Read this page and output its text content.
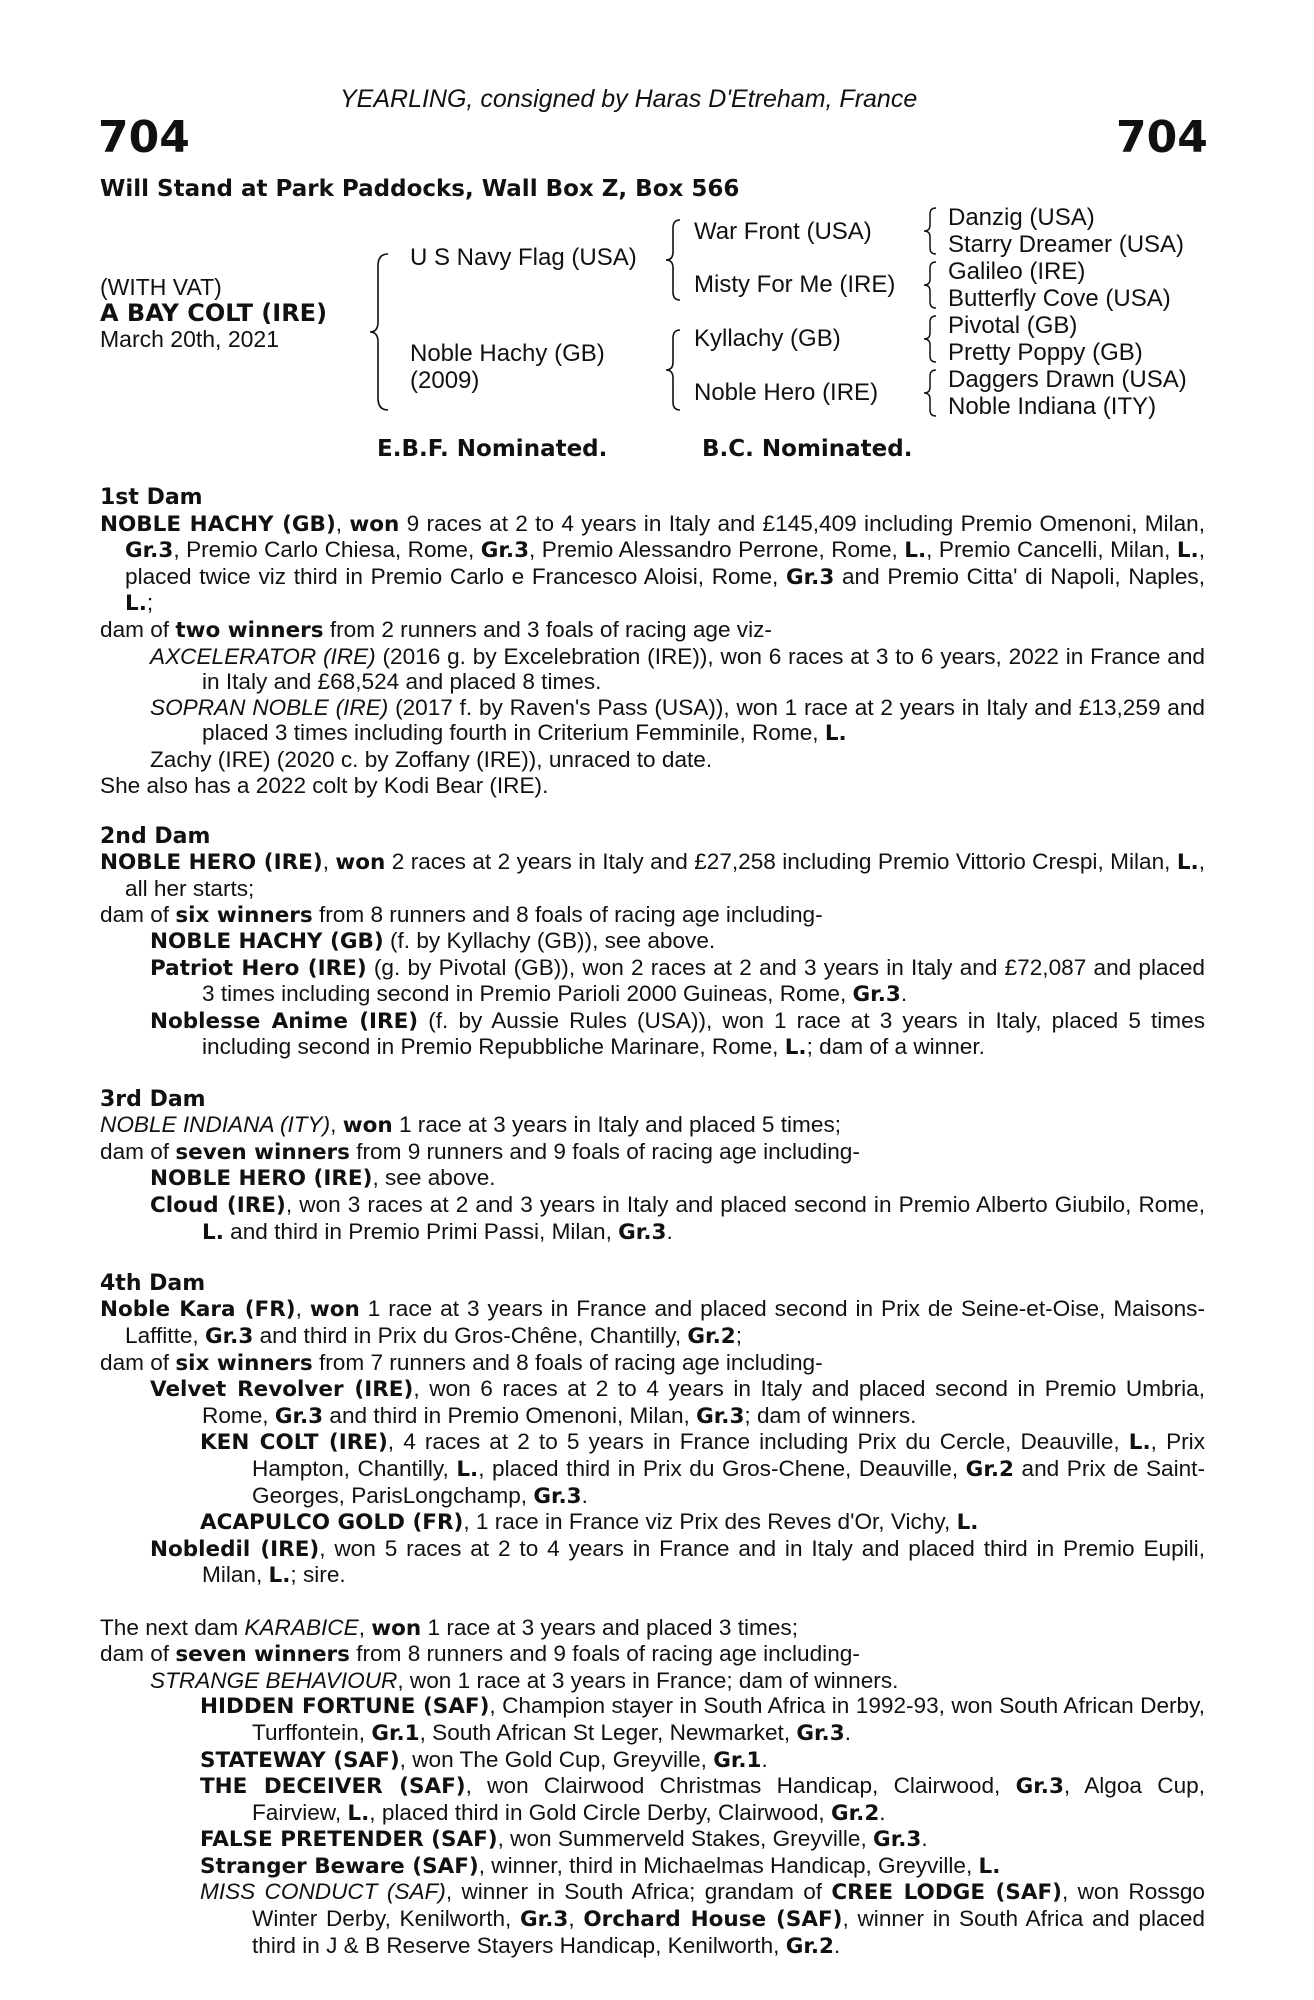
YEARLING, consigned by Haras D'Etreham, France
704	704
Will Stand at Park Paddocks, Wall Box Z, Box 566
(WITH VAT)
A BAY COLT (IRE)
March 20th, 2021
U S Navy Flag (USA)
Noble Hachy (GB)
(2009)
War Front (USA)
Misty For Me (IRE)
Kyllachy (GB)
Noble Hero (IRE)
Danzig (USA)
Starry Dreamer (USA)
Galileo (IRE)
Butterfly Cove (USA)
Pivotal (GB)
Pretty Poppy (GB)
Daggers Drawn (USA)
Noble Indiana (ITY)
E.B.F. Nominated.	B.C. Nominated.

1st Dam

NOBLE HACHY (GB), won 9 races at 2 to 4 years in Italy and £145,409 including Premio Omenoni, Milan, Gr.3, Premio Carlo Chiesa, Rome, Gr.3, Premio Alessandro Perrone, Rome, L., Premio Cancelli, Milan, L., placed twice viz third in Premio Carlo e Francesco Aloisi, Rome, Gr.3 and Premio Citta' di Napoli, Naples, L.;

dam of two winners from 2 runners and 3 foals of racing age viz-

AXCELERATOR (IRE) (2016 g. by Excelebration (IRE)), won 6 races at 3 to 6 years, 2022 in France and in Italy and £68,524 and placed 8 times.

SOPRAN NOBLE (IRE) (2017 f. by Raven's Pass (USA)), won 1 race at 2 years in Italy and £13,259 and placed 3 times including fourth in Criterium Femminile, Rome, L.

Zachy (IRE) (2020 c. by Zoffany (IRE)), unraced to date.

She also has a 2022 colt by Kodi Bear (IRE).

2nd Dam

NOBLE HERO (IRE), won 2 races at 2 years in Italy and £27,258 including Premio Vittorio Crespi, Milan, L., all her starts;

dam of six winners from 8 runners and 8 foals of racing age including-

NOBLE HACHY (GB) (f. by Kyllachy (GB)), see above.

Patriot Hero (IRE) (g. by Pivotal (GB)), won 2 races at 2 and 3 years in Italy and £72,087 and placed 3 times including second in Premio Parioli 2000 Guineas, Rome, Gr.3.

Noblesse Anime (IRE) (f. by Aussie Rules (USA)), won 1 race at 3 years in Italy, placed 5 times including second in Premio Repubbliche Marinare, Rome, L.; dam of a winner.

3rd Dam

NOBLE INDIANA (ITY), won 1 race at 3 years in Italy and placed 5 times;

dam of seven winners from 9 runners and 9 foals of racing age including-

NOBLE HERO (IRE), see above.

Cloud (IRE), won 3 races at 2 and 3 years in Italy and placed second in Premio Alberto Giubilo, Rome, L. and third in Premio Primi Passi, Milan, Gr.3.

4th Dam

Noble Kara (FR), won 1 race at 3 years in France and placed second in Prix de Seine-et-Oise, Maisons-Laffitte, Gr.3 and third in Prix du Gros-Chêne, Chantilly, Gr.2;

dam of six winners from 7 runners and 8 foals of racing age including-

Velvet Revolver (IRE), won 6 races at 2 to 4 years in Italy and placed second in Premio Umbria, Rome, Gr.3 and third in Premio Omenoni, Milan, Gr.3; dam of winners.

KEN COLT (IRE), 4 races at 2 to 5 years in France including Prix du Cercle, Deauville, L., Prix Hampton, Chantilly, L., placed third in Prix du Gros-Chene, Deauville, Gr.2 and Prix de Saint-Georges, ParisLongchamp, Gr.3.

ACAPULCO GOLD (FR), 1 race in France viz Prix des Reves d'Or, Vichy, L.

Nobledil (IRE), won 5 races at 2 to 4 years in France and in Italy and placed third in Premio Eupili, Milan, L.; sire.

The next dam KARABICE, won 1 race at 3 years and placed 3 times;

dam of seven winners from 8 runners and 9 foals of racing age including-

STRANGE BEHAVIOUR, won 1 race at 3 years in France; dam of winners.

HIDDEN FORTUNE (SAF), Champion stayer in South Africa in 1992-93, won South African Derby, Turffontein, Gr.1, South African St Leger, Newmarket, Gr.3.

STATEWAY (SAF), won The Gold Cup, Greyville, Gr.1.

THE DECEIVER (SAF), won Clairwood Christmas Handicap, Clairwood, Gr.3, Algoa Cup, Fairview, L., placed third in Gold Circle Derby, Clairwood, Gr.2.

FALSE PRETENDER (SAF), won Summerveld Stakes, Greyville, Gr.3.

Stranger Beware (SAF), winner, third in Michaelmas Handicap, Greyville, L.

MISS CONDUCT (SAF), winner in South Africa; grandam of CREE LODGE (SAF), won Rossgo Winter Derby, Kenilworth, Gr.3, Orchard House (SAF), winner in South Africa and placed third in J & B Reserve Stayers Handicap, Kenilworth, Gr.2.
